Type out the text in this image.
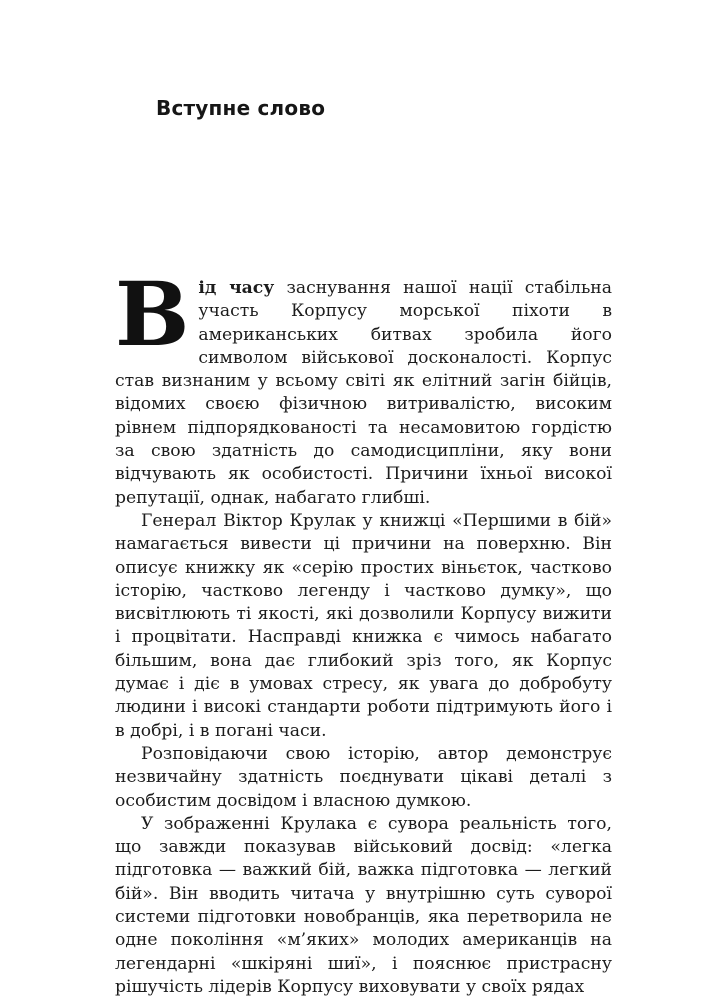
Вступне слово

Від часу заснування нашої нації стабільна участь Корпусу морської піхоти в американських битвах зробила його символом військової досконалості. Корпус став визнаним у всьому світі як елітний загін бійців, відомих своєю фізичною витривалістю, високим рівнем підпорядкованості та несамовитою гордістю за свою здатність до самодисципліни, яку вони відчувають як особистості. Причини їхньої високої репутації, однак, набагато глибші.

Генерал Віктор Крулак у книжці «Першими в бій» намагається вивести ці причини на поверхню. Він описує книжку як «серію простих віньєток, частково історію, частково легенду і частково думку», що висвітлюють ті якості, які дозволили Корпусу вижити і процвітати. Насправді книжка є чимось набагато більшим, вона дає глибокий зріз того, як Корпус думає і діє в умовах стресу, як увага до добробуту людини і високі стандарти роботи підтримують його і в добрі, і в погані часи.

Розповідаючи свою історію, автор демонструє незвичайну здатність поєднувати цікаві деталі з особистим досвідом і власною думкою.

У зображенні Крулака є сувора реальність того, що завжди показував військовий досвід: «легка підготовка — важкий бій, важка підготовка — легкий бій». Він вводить читача у внутрішню суть суворої системи підготовки новобранців, яка перетворила не одне покоління «м’яких» молодих американців на легендарні «шкіряні шиї», і пояснює пристрасну рішучість лідерів Корпусу виховувати у своїх рядах
